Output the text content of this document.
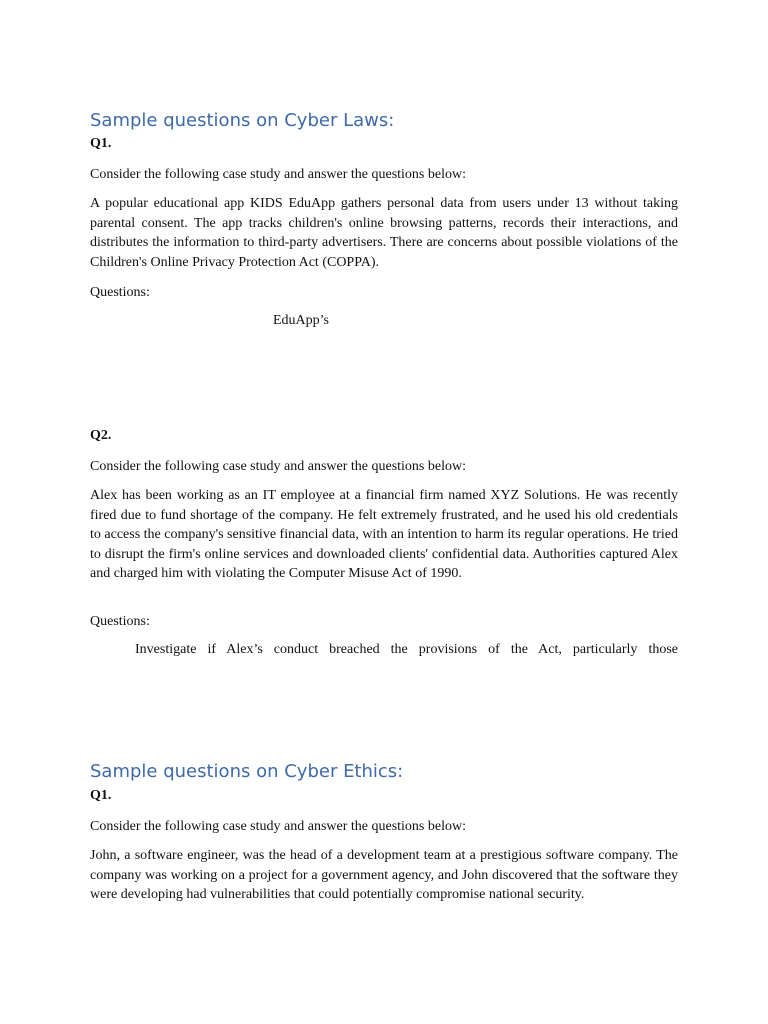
Sample questions on Cyber Laws:

Q1.

Consider the following case study and answer the questions below:

A popular educational app KIDS EduApp gathers personal data from users under 13 without taking parental consent. The app tracks children's online browsing patterns, records their interactions, and distributes the information to third-party advertisers. There are concerns about possible violations of the Children's Online Privacy Protection Act (COPPA).

Questions:

EduApp’s

Q2.

Consider the following case study and answer the questions below:

Alex has been working as an IT employee at a financial firm named XYZ Solutions. He was recently fired due to fund shortage of the company. He felt extremely frustrated, and he used his old credentials to access the company's sensitive financial data, with an intention to harm its regular operations. He tried to disrupt the firm's online services and downloaded clients' confidential data. Authorities captured Alex and charged him with violating the Computer Misuse Act of 1990.

Questions:

Investigate if Alex’s conduct breached the provisions of the Act, particularly those

Sample questions on Cyber Ethics:

Q1.

Consider the following case study and answer the questions below:

John, a software engineer, was the head of a development team at a prestigious software company. The company was working on a project for a government agency, and John discovered that the software they were developing had vulnerabilities that could potentially compromise national security.
